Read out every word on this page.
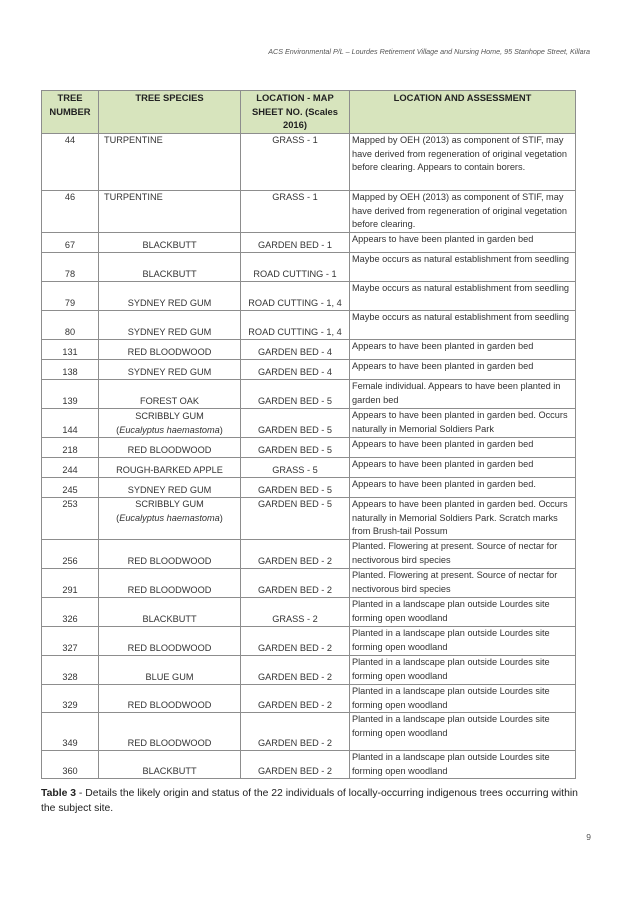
ACS Environmental P/L – Lourdes Retirement Village and Nursing Home, 95 Stanhope Street, Killara
TREE NUMBER	TREE SPECIES	LOCATION - MAP SHEET NO. (Scales 2016)	LOCATION AND ASSESSMENT
44	TURPENTINE	GRASS - 1	Mapped by OEH (2013) as component of STIF, may have derived from regeneration of original vegetation before clearing. Appears to contain borers.
46	TURPENTINE	GRASS - 1	Mapped by OEH (2013) as component of STIF, may have derived from regeneration of original vegetation before clearing.
67	BLACKBUTT	GARDEN BED - 1	Appears to have been planted in garden bed
78	BLACKBUTT	ROAD CUTTING - 1	Maybe occurs as natural establishment from seedling
79	SYDNEY RED GUM	ROAD CUTTING - 1, 4	Maybe occurs as natural establishment from seedling
80	SYDNEY RED GUM	ROAD CUTTING - 1, 4	Maybe occurs as natural establishment from seedling
131	RED BLOODWOOD	GARDEN BED - 4	Appears to have been planted in garden bed
138	SYDNEY RED GUM	GARDEN BED - 4	Appears to have been planted in garden bed
139	FOREST OAK	GARDEN BED - 5	Female individual. Appears to have been planted in garden bed
144	SCRIBBLY GUM
(Eucalyptus haemastoma)	GARDEN BED - 5	Appears to have been planted in garden bed. Occurs naturally in Memorial Soldiers Park
218	RED BLOODWOOD	GARDEN BED - 5	Appears to have been planted in garden bed
244	ROUGH-BARKED APPLE	GRASS - 5	Appears to have been planted in garden bed
245	SYDNEY RED GUM	GARDEN BED - 5	Appears to have been planted in garden bed.
253	SCRIBBLY GUM
(Eucalyptus haemastoma)	GARDEN BED - 5	Appears to have been planted in garden bed. Occurs naturally in Memorial Soldiers Park. Scratch marks from Brush-tail Possum
256	RED BLOODWOOD	GARDEN BED - 2	Planted. Flowering at present. Source of nectar for nectivorous bird species
291	RED BLOODWOOD	GARDEN BED - 2	Planted. Flowering at present. Source of nectar for nectivorous bird species
326	BLACKBUTT	GRASS - 2	Planted in a landscape plan outside Lourdes site forming open woodland
327	RED BLOODWOOD	GARDEN BED - 2	Planted in a landscape plan outside Lourdes site forming open woodland
328	BLUE GUM	GARDEN BED - 2	Planted in a landscape plan outside Lourdes site forming open woodland
329	RED BLOODWOOD	GARDEN BED - 2	Planted in a landscape plan outside Lourdes site forming open woodland
349	RED BLOODWOOD	GARDEN BED - 2	Planted in a landscape plan outside Lourdes site forming open woodland
360	BLACKBUTT	GARDEN BED - 2	Planted in a landscape plan outside Lourdes site forming open woodland
Table 3 - Details the likely origin and status of the 22 individuals of locally-occurring indigenous trees occurring within the subject site.
9
